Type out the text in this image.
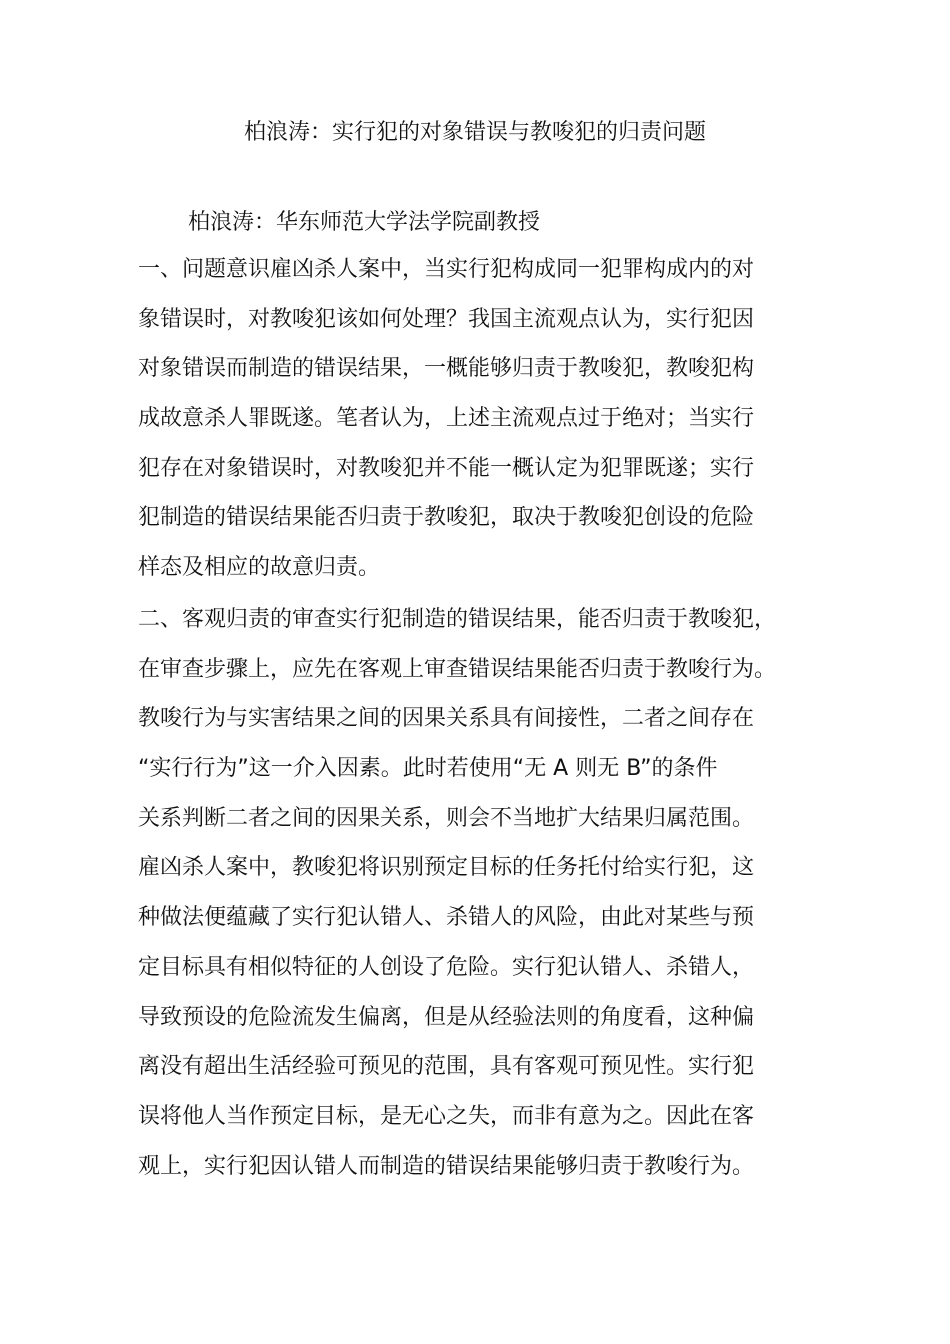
柏浪涛：实行犯的对象错误与教唆犯的归责问题
柏浪涛：华东师范大学法学院副教授
一、问题意识雇凶杀人案中，当实行犯构成同一犯罪构成内的对
象错误时，对教唆犯该如何处理？我国主流观点认为，实行犯因
对象错误而制造的错误结果，一概能够归责于教唆犯，教唆犯构
成故意杀人罪既遂。笔者认为，上述主流观点过于绝对；当实行
犯存在对象错误时，对教唆犯并不能一概认定为犯罪既遂；实行
犯制造的错误结果能否归责于教唆犯，取决于教唆犯创设的危险
样态及相应的故意归责。
二、客观归责的审查实行犯制造的错误结果，能否归责于教唆犯，
在审查步骤上，应先在客观上审查错误结果能否归责于教唆行为。
教唆行为与实害结果之间的因果关系具有间接性，二者之间存在
“实行行为”这一介入因素。此时若使用“无 A 则无 B”的条件
关系判断二者之间的因果关系，则会不当地扩大结果归属范围。
雇凶杀人案中，教唆犯将识别预定目标的任务托付给实行犯，这
种做法便蕴藏了实行犯认错人、杀错人的风险，由此对某些与预
定目标具有相似特征的人创设了危险。实行犯认错人、杀错人，
导致预设的危险流发生偏离，但是从经验法则的角度看，这种偏
离没有超出生活经验可预见的范围，具有客观可预见性。实行犯
误将他人当作预定目标，是无心之失，而非有意为之。因此在客
观上，实行犯因认错人而制造的错误结果能够归责于教唆行为。
